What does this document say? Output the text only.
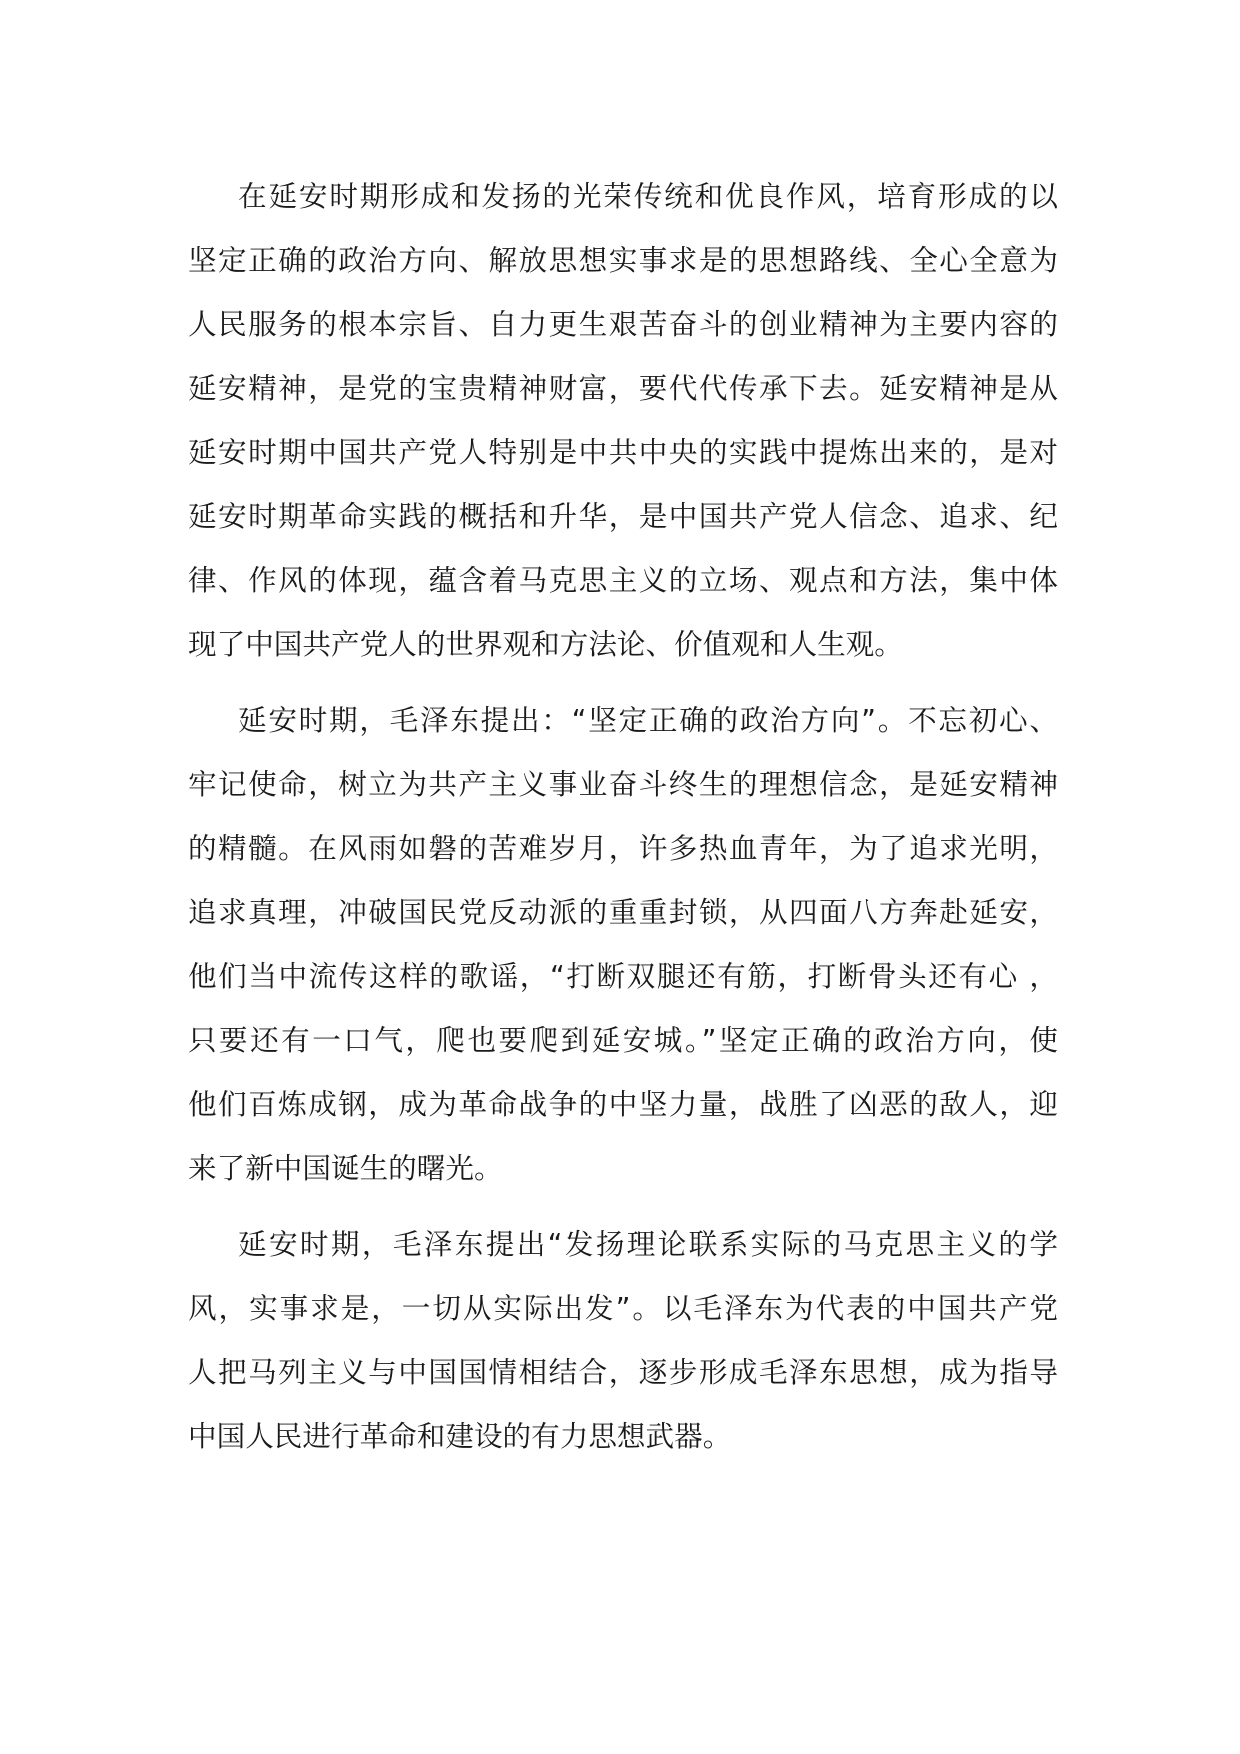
在延安时期形成和发扬的光荣传统和优良作风，培育形成的以
坚定正确的政治方向、解放思想实事求是的思想路线、全心全意为
人民服务的根本宗旨、自力更生艰苦奋斗的创业精神为主要内容的
延安精神，是党的宝贵精神财富，要代代传承下去。延安精神是从
延安时期中国共产党人特别是中共中央的实践中提炼出来的，是对
延安时期革命实践的概括和升华，是中国共产党人信念、追求、纪
律、作风的体现，蕴含着马克思主义的立场、观点和方法，集中体
现了中国共产党人的世界观和方法论、价值观和人生观。
延安时期，毛泽东提出：“坚定正确的政治方向”。不忘初心、
牢记使命，树立为共产主义事业奋斗终生的理想信念，是延安精神
的精髓。在风雨如磐的苦难岁月，许多热血青年，为了追求光明，
追求真理，冲破国民党反动派的重重封锁，从四面八方奔赴延安，
他们当中流传这样的歌谣，“打断双腿还有筋，打断骨头还有心 ，
只要还有一口气，爬也要爬到延安城。”坚定正确的政治方向，使
他们百炼成钢，成为革命战争的中坚力量，战胜了凶恶的敌人，迎
来了新中国诞生的曙光。
延安时期，毛泽东提出“发扬理论联系实际的马克思主义的学
风，实事求是，一切从实际出发”。以毛泽东为代表的中国共产党
人把马列主义与中国国情相结合，逐步形成毛泽东思想，成为指导
中国人民进行革命和建设的有力思想武器。
